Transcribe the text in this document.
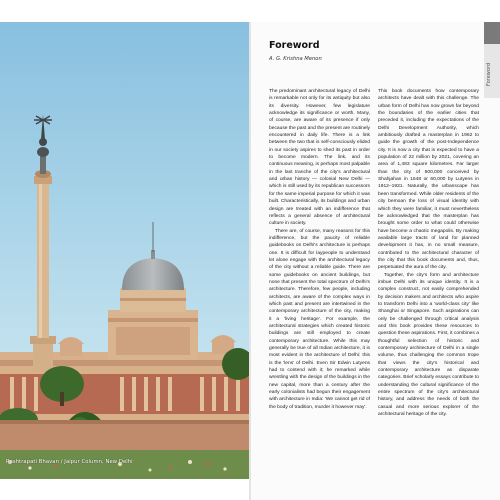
Rashtrapati Bhavan / Jaipur Column, New Delhi
Foreword
Foreword
A. G. Krishna Menon

The predominant architectural legacy of Delhi is remarkable not only for its antiquity but also its diversity. However, few legislature acknowledge its significance or worth. Many, of course, are aware of its presence if only because the past and the present are routinely encountered in daily life. There is a link between the two that is self-consciously elided in our society aspires to shed its past in order to become modern. The link, and its continuous meaning, is perhaps most palpable in the last tranche of the city's architectural and urban history — colonial New Delhi — which is still used by its republican successors for the same imperial purpose for which it was built. Characteristically, its buildings and urban design are treated with an indifference that reflects a general absence of architectural culture in society.

There are, of course, many reasons for this indifference, but the paucity of reliable guidebooks on Delhi's architecture is perhaps one. It is difficult for laypeople to understand let alone engage with the architectural legacy of the city without a reliable guide. There are some guidebooks on ancient buildings, but none that present the total spectrum of Delhi's architecture. Therefore, few people, including architects, are aware of the complex ways in which past and present are intertwined in the contemporary architecture of the city, making it a 'living heritage'. For example, the architectural strategies which created historic buildings are still employed to create contemporary architecture. While this may generally be true of all Indian architecture, it is most evident in the architecture of Delhi: this is the 'lens' of Delhi. Even Sir Edwin Lutyens had to contend with it; he remarked while wrestling with the design of the buildings in the new capital, more than a century after the early colonialists had begun their engagement with architecture in India: 'We cannot get rid of the body of tradition, murder it however may'.

This book documents how contemporary architects have dealt with this challenge. The urban form of Delhi has now grown far beyond the boundaries of the earlier cities that preceded it, including the expectations of the Delhi Development Authority, which ambitiously drafted a masterplan in 1962 to guide the growth of the post-Independence city. It is now a city that is expected to have a population of 22 million by 2021, covering an area of 1,483 square kilometres. Far larger than the city of 500,000 conceived by Shahjahan in 1648 or 60,000 by Lutyens in 1912–1931. Naturally, the urbanscape has been transformed. While older residents of the city bemoan the loss of visual identity with which they were familiar, it must nevertheless be acknowledged that the masterplan has brought some order to what could otherwise have become a chaotic megapolis. By making available large tracts of land for planned development it has, in no small measure, contributed to the architectural character of the city that this book documents and, thus, perpetuated the aura of the city.

Together, the city's form and architecture imbue Delhi with its unique identity. It is a complex construct, not easily comprehended by decision makers and architects who aspire to transform Delhi into a 'world-class city' like Shanghai or Singapore. Such aspirations can only be challenged through critical analysis and this book provides these resources to question these aspirations. First, it combines a thoughtful selection of historic and contemporary architecture of Delhi in a single volume, thus challenging the common trope that views the city's historical and contemporary architecture as disparate categories. Brief scholarly essays contribute to understanding the cultural significance of the entire spectrum of the city's architectural history, and address the needs of both the casual and more serious explorer of the architectural heritage of the city.
